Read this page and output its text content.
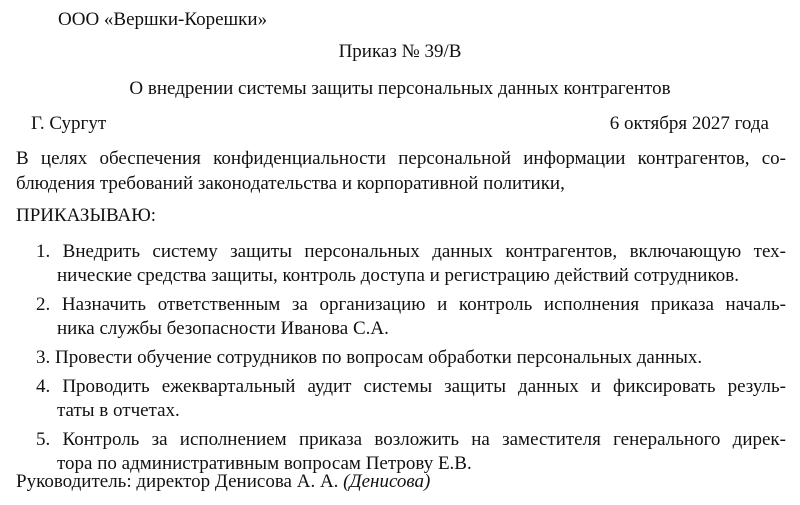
ООО «Вершки-Корешки»
Приказ № 39/В
О внедрении системы защиты персональных данных контрагентов
Г. Сургут	6 октября 2027 года
В целях обеспечения конфиденциальности персональной информации контрагентов, со-
блюдения требований законодательства и корпоративной политики,
ПРИКАЗЫВАЮ:
1. Внедрить систему защиты персональных данных контрагентов, включающую тех-
нические средства защиты, контроль доступа и регистрацию действий сотрудников.
2. Назначить ответственным за организацию и контроль исполнения приказа началь-
ника службы безопасности Иванова С.А.
3. Провести обучение сотрудников по вопросам обработки персональных данных.
4. Проводить ежеквартальный аудит системы защиты данных и фиксировать резуль-
таты в отчетах.
5. Контроль за исполнением приказа возложить на заместителя генерального дирек-
тора по административным вопросам Петрову Е.В.
Руководитель: директор Денисова А. А. (Денисова)
